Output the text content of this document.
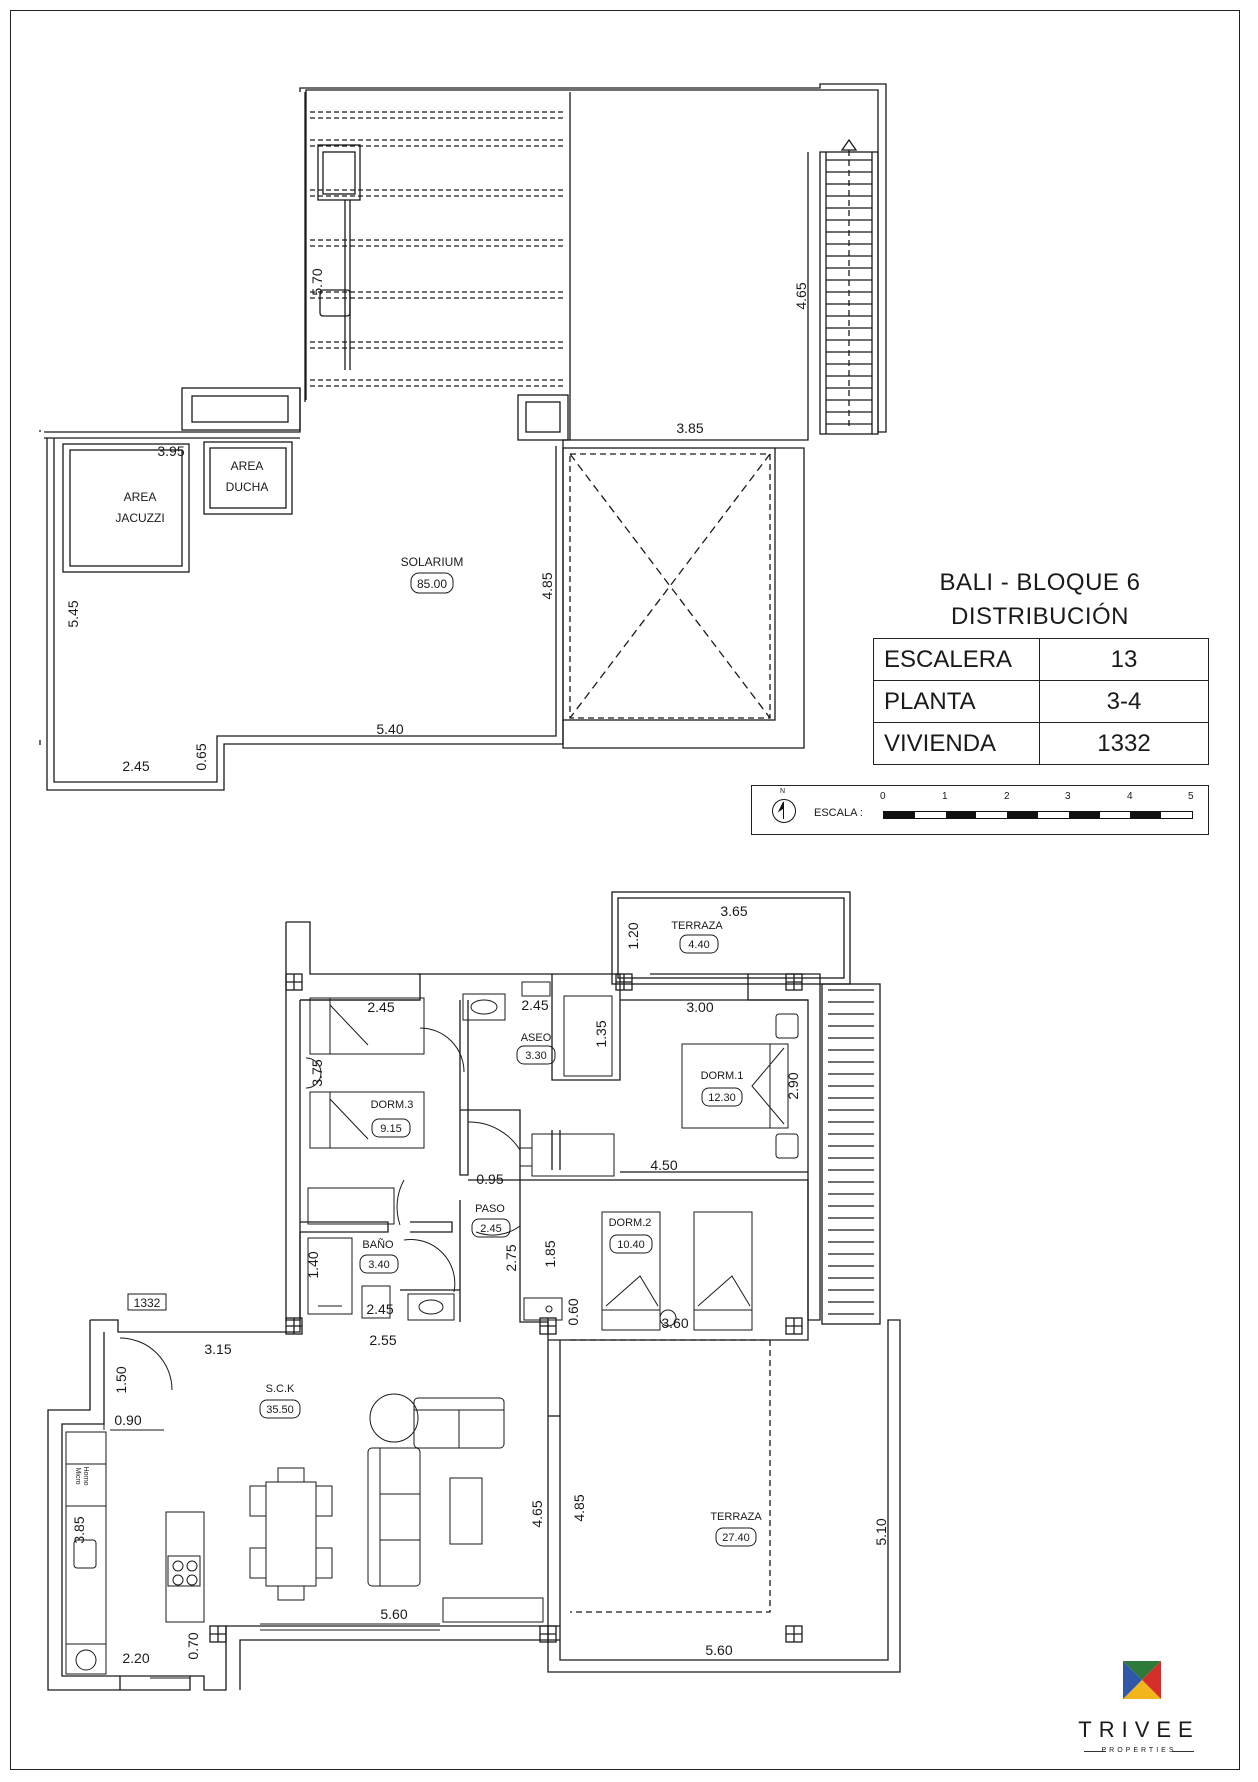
AREA
JACUZZI
AREA
DUCHA
SOLARIUM
85.00
5.70
4.65
3.85
3.95
4.85
5.45
5.40
2.45	0.65
TERRAZA
4.40
ASEO
3.30
DORM.1
12.30
DORM.3
9.15
PASO
2.45
BAÑO
3.40
DORM.2
10.40
S.C.K
35.50
TERRAZA
27.40
1332
Micro Horno
3.65
1.20
2.45	2.45	3.00
1.35
3.75	2.90
0.95
4.50
1.40
2.45
2.75 1.85
0.60	3.60
3.15
2.55
1.50
0.90
3.85
4.65 4.85
5.10
5.60
5.60
0.70
2.20
BALI - BLOQUE 6
DISTRIBUCIÓN
ESCALERA	13
PLANTA	3-4
VIVIENDA	1332
N
ESCALA :
0	1	2	3	4	5
TRIVEE
PROPERTIES
